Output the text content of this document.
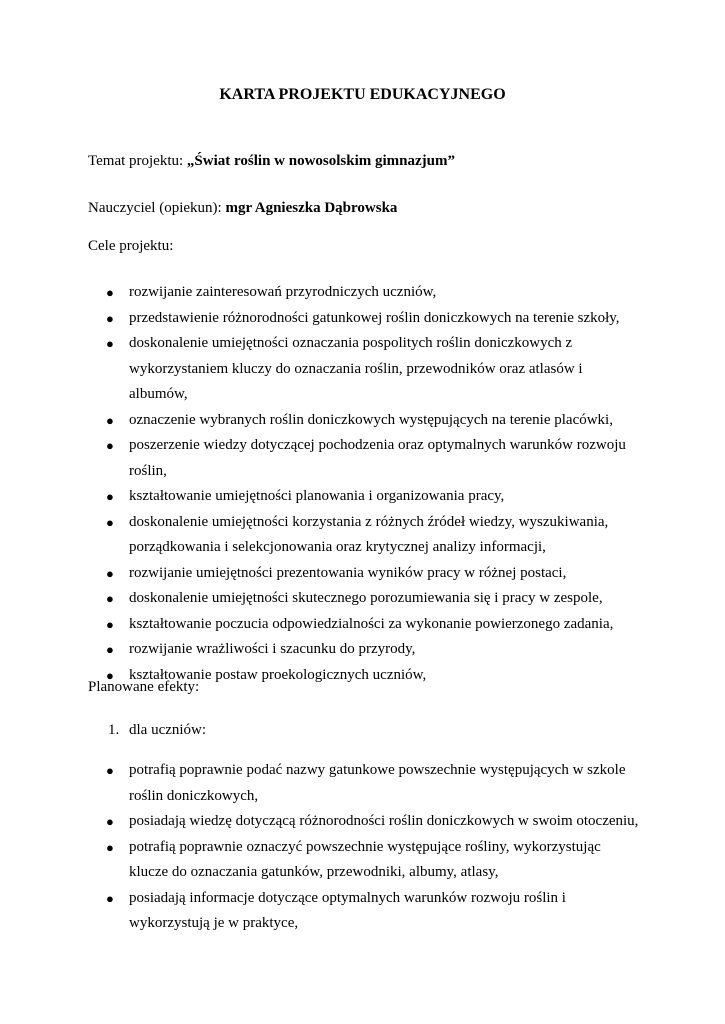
KARTA PROJEKTU EDUKACYJNEGO

Temat projektu: „Świat roślin w nowosolskim gimnazjum”

Nauczyciel (opiekun): mgr Agnieszka Dąbrowska

Cele projektu:

● rozwijanie zainteresowań przyrodniczych uczniów,
● przedstawienie różnorodności gatunkowej roślin doniczkowych na terenie szkoły,
● doskonalenie umiejętności oznaczania pospolitych roślin doniczkowych z wykorzystaniem kluczy do oznaczania roślin, przewodników oraz atlasów i albumów,
● oznaczenie wybranych roślin doniczkowych występujących na terenie placówki,
● poszerzenie wiedzy dotyczącej pochodzenia oraz optymalnych warunków rozwoju roślin,
● kształtowanie umiejętności planowania i organizowania pracy,
● doskonalenie umiejętności korzystania z różnych źródeł wiedzy, wyszukiwania, porządkowania i selekcjonowania oraz krytycznej analizy informacji,
● rozwijanie umiejętności prezentowania wyników pracy w różnej postaci,
● doskonalenie umiejętności skutecznego porozumiewania się i pracy w zespole,
● kształtowanie poczucia odpowiedzialności za wykonanie powierzonego zadania,
● rozwijanie wrażliwości i szacunku do przyrody,
● kształtowanie postaw proekologicznych uczniów,

Planowane efekty:

1. dla uczniów:
● potrafią poprawnie podać nazwy gatunkowe powszechnie występujących w szkole roślin doniczkowych,
● posiadają wiedzę dotyczącą różnorodności roślin doniczkowych w swoim otoczeniu,
● potrafią poprawnie oznaczyć powszechnie występujące rośliny, wykorzystując klucze do oznaczania gatunków, przewodniki, albumy, atlasy,
● posiadają informacje dotyczące optymalnych warunków rozwoju roślin i wykorzystują je w praktyce,
